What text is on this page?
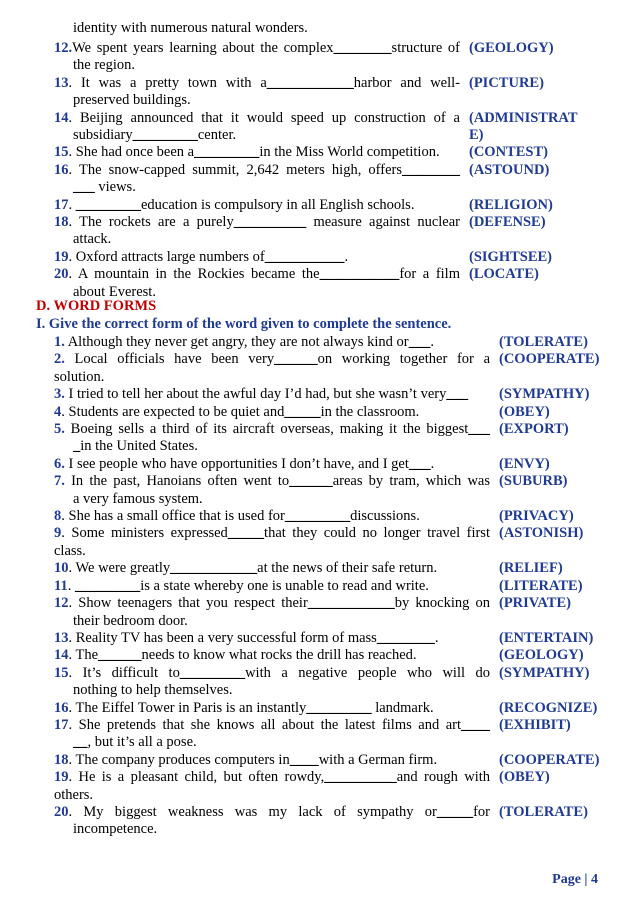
identity with numerous natural wonders.
12.We spent years learning about the complex________structure of
the region.
(GEOLOGY)
13. It was a pretty town with a____________harbor and well-
preserved buildings.
(PICTURE)
14. Beijing announced that it would speed up construction of a
subsidiary_________center.
(ADMINISTRAT
E)
15. She had once been a_________in the Miss World competition.	(CONTEST)
16. The snow-capped summit, 2,642 meters high, offers________
___ views.
(ASTOUND)
17. _________education is compulsory in all English schools.	(RELIGION)
18. The rockets are a purely__________ measure against nuclear
attack.
(DEFENSE)
19. Oxford attracts large numbers of___________.	(SIGHTSEE)
20. A mountain in the Rockies became the___________for a film
about Everest.
(LOCATE)
D. WORD FORMS
I. Give the correct form of the word given to complete the sentence.
1. Although they never get angry, they are not always kind or___.	(TOLERATE)
2. Local officials have been very______on working together for a
solution.
(COOPERATE)
3. I tried to tell her about the awful day I’d had, but she wasn’t very___	(SYMPATHY)
4. Students are expected to be quiet and_____in the classroom.	(OBEY)
5. Boeing sells a third of its aircraft overseas, making it the biggest___
_in the United States.
(EXPORT)
6. I see people who have opportunities I don’t have, and I get___.	(ENVY)
7. In the past, Hanoians often went to______areas by tram, which was
a very famous system.
(SUBURB)
8. She has a small office that is used for_________discussions.	(PRIVACY)
9. Some ministers expressed_____that they could no longer travel first
class.
(ASTONISH)
10. We were greatly____________at the news of their safe return.	(RELIEF)
11. _________is a state whereby one is unable to read and write.	(LITERATE)
12. Show teenagers that you respect their____________by knocking on
their bedroom door.
(PRIVATE)
13. Reality TV has been a very successful form of mass________.	(ENTERTAIN)
14. The______needs to know what rocks the drill has reached.	(GEOLOGY)
15. It’s difficult to_________with a negative people who will do
nothing to help themselves.
(SYMPATHY)
16. The Eiffel Tower in Paris is an instantly_________ landmark.	(RECOGNIZE)
17. She pretends that she knows all about the latest films and art____
__, but it’s all a pose.
(EXHIBIT)
18. The company produces computers in____with a German firm.	(COOPERATE)
19. He is a pleasant child, but often rowdy,__________and rough with
others.
(OBEY)
20. My biggest weakness was my lack of sympathy or_____for
incompetence.
(TOLERATE)
Page | 4
